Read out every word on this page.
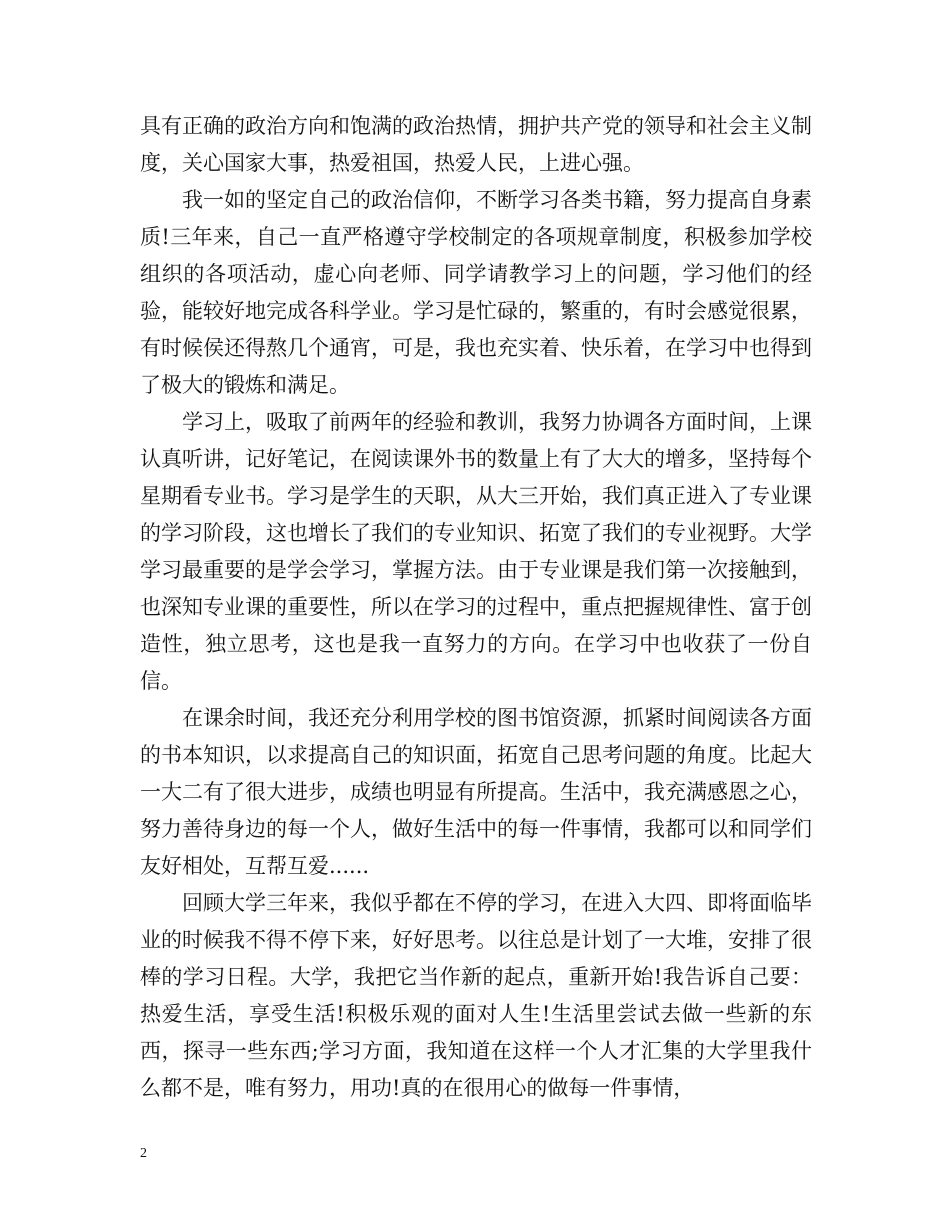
具有正确的政治方向和饱满的政治热情，拥护共产党的领导和社会主义制度，关心国家大事，热爱祖国，热爱人民，上进心强。

我一如的坚定自己的政治信仰，不断学习各类书籍，努力提高自身素质!三年来，自己一直严格遵守学校制定的各项规章制度，积极参加学校组织的各项活动，虚心向老师、同学请教学习上的问题，学习他们的经验，能较好地完成各科学业。学习是忙碌的，繁重的，有时会感觉很累，有时候侯还得熬几个通宵，可是，我也充实着、快乐着，在学习中也得到了极大的锻炼和满足。

学习上，吸取了前两年的经验和教训，我努力协调各方面时间，上课认真听讲，记好笔记，在阅读课外书的数量上有了大大的增多，坚持每个星期看专业书。学习是学生的天职，从大三开始，我们真正进入了专业课的学习阶段，这也增长了我们的专业知识、拓宽了我们的专业视野。大学学习最重要的是学会学习，掌握方法。由于专业课是我们第一次接触到，也深知专业课的重要性，所以在学习的过程中，重点把握规律性、富于创造性，独立思考，这也是我一直努力的方向。在学习中也收获了一份自信。

在课余时间，我还充分利用学校的图书馆资源，抓紧时间阅读各方面的书本知识，以求提高自己的知识面，拓宽自己思考问题的角度。比起大一大二有了很大进步，成绩也明显有所提高。生活中，我充满感恩之心，努力善待身边的每一个人，做好生活中的每一件事情，我都可以和同学们友好相处，互帮互爱......

回顾大学三年来，我似乎都在不停的学习，在进入大四、即将面临毕业的时候我不得不停下来，好好思考。以往总是计划了一大堆，安排了很棒的学习日程。大学，我把它当作新的起点，重新开始!我告诉自己要：热爱生活，享受生活!积极乐观的面对人生!生活里尝试去做一些新的东西，探寻一些东西;学习方面，我知道在这样一个人才汇集的大学里我什么都不是，唯有努力，用功!真的在很用心的做每一件事情，

2
